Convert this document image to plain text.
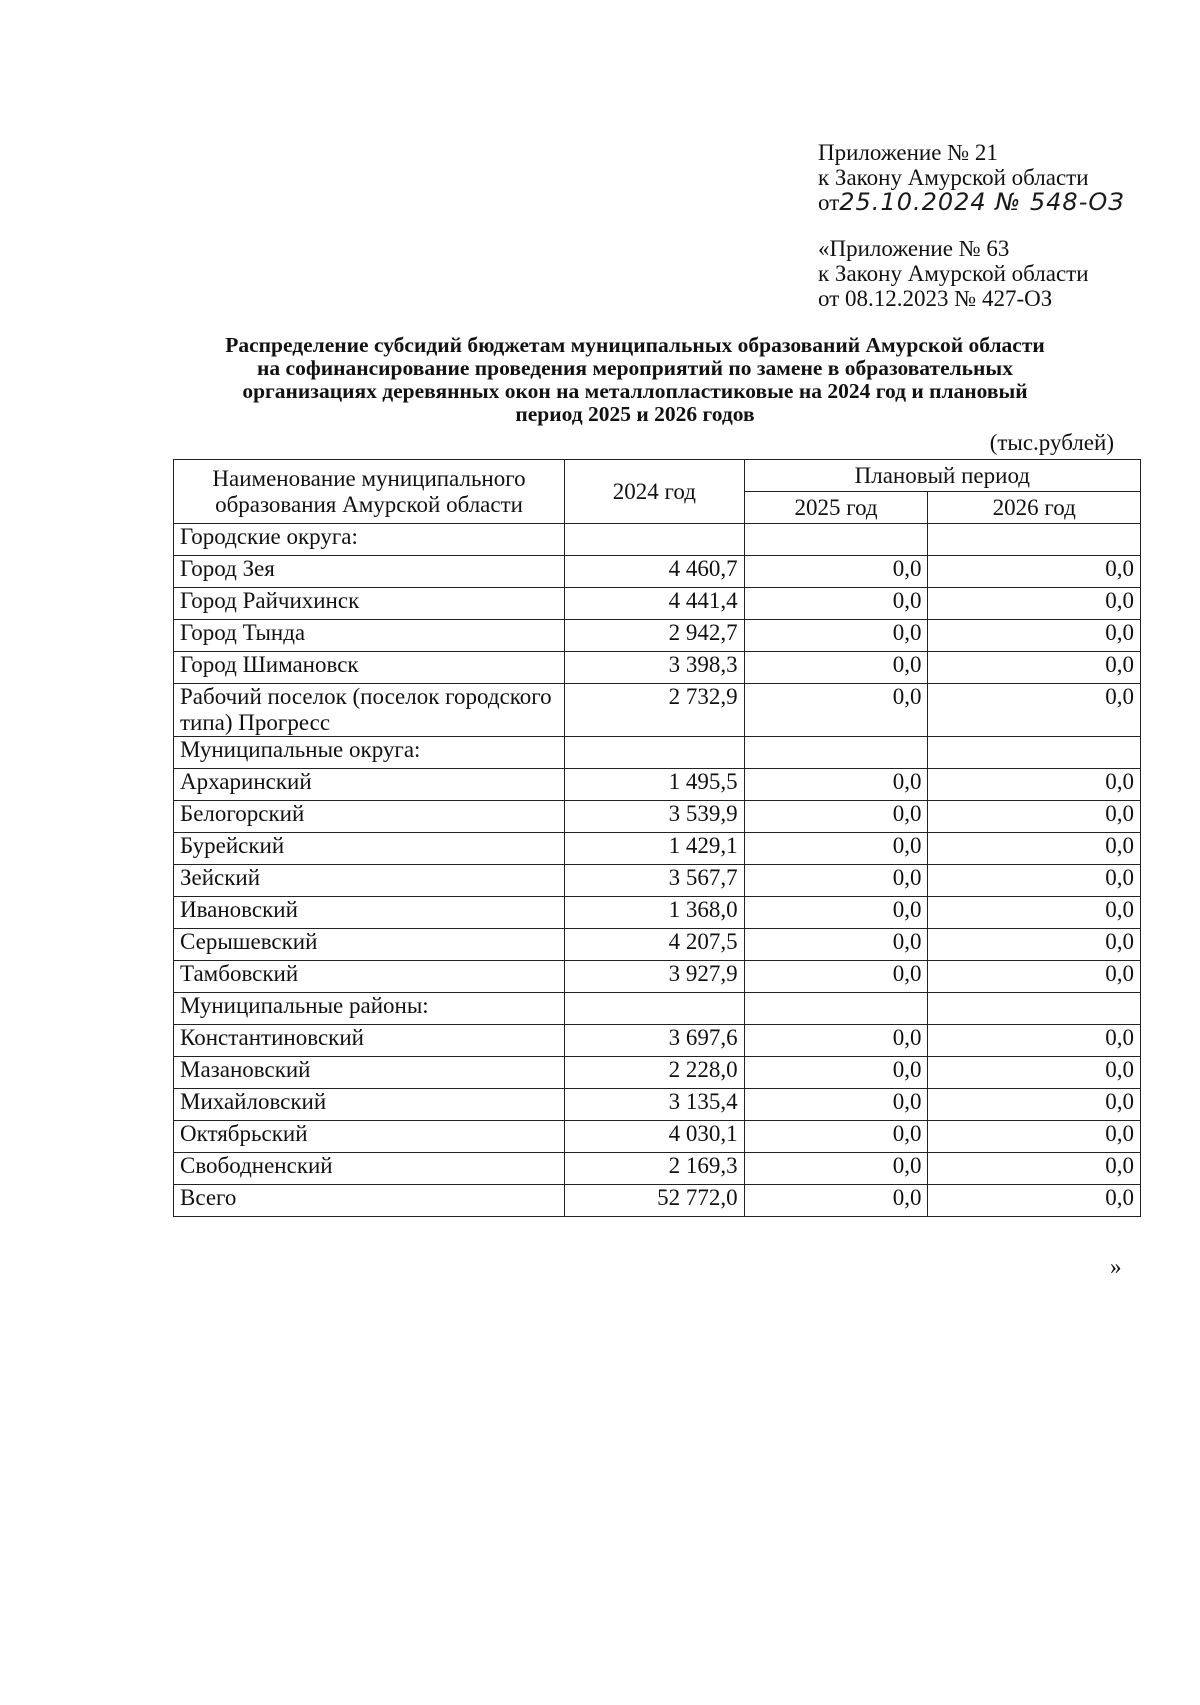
Приложение № 21
к Закону Амурской области
от25.10.2024 № 548-ОЗ
«Приложение № 63
к Закону Амурской области
от 08.12.2023 № 427-ОЗ
Распределение субсидий бюджетам муниципальных образований Амурской области
на софинансирование проведения мероприятий по замене в образовательных
организациях деревянных окон на металлопластиковые на 2024 год и плановый
период 2025 и 2026 годов
(тыс.рублей)
Наименование муниципального образования Амурской области	2024 год	Плановый период	
		2025 год	2026 год
Городские округа:			
Город Зея	4 460,7	0,0	0,0
Город Райчихинск	4 441,4	0,0	0,0
Город Тында	2 942,7	0,0	0,0
Город Шимановск	3 398,3	0,0	0,0
Рабочий поселок (поселок городского типа) Прогресс	2 732,9	0,0	0,0
Муниципальные округа:			
Архаринский	1 495,5	0,0	0,0
Белогорский	3 539,9	0,0	0,0
Бурейский	1 429,1	0,0	0,0
Зейский	3 567,7	0,0	0,0
Ивановский	1 368,0	0,0	0,0
Серышевский	4 207,5	0,0	0,0
Тамбовский	3 927,9	0,0	0,0
Муниципальные районы:			
Константиновский	3 697,6	0,0	0,0
Мазановский	2 228,0	0,0	0,0
Михайловский	3 135,4	0,0	0,0
Октябрьский	4 030,1	0,0	0,0
Свободненский	2 169,3	0,0	0,0
Всего	52 772,0	0,0	0,0
»
